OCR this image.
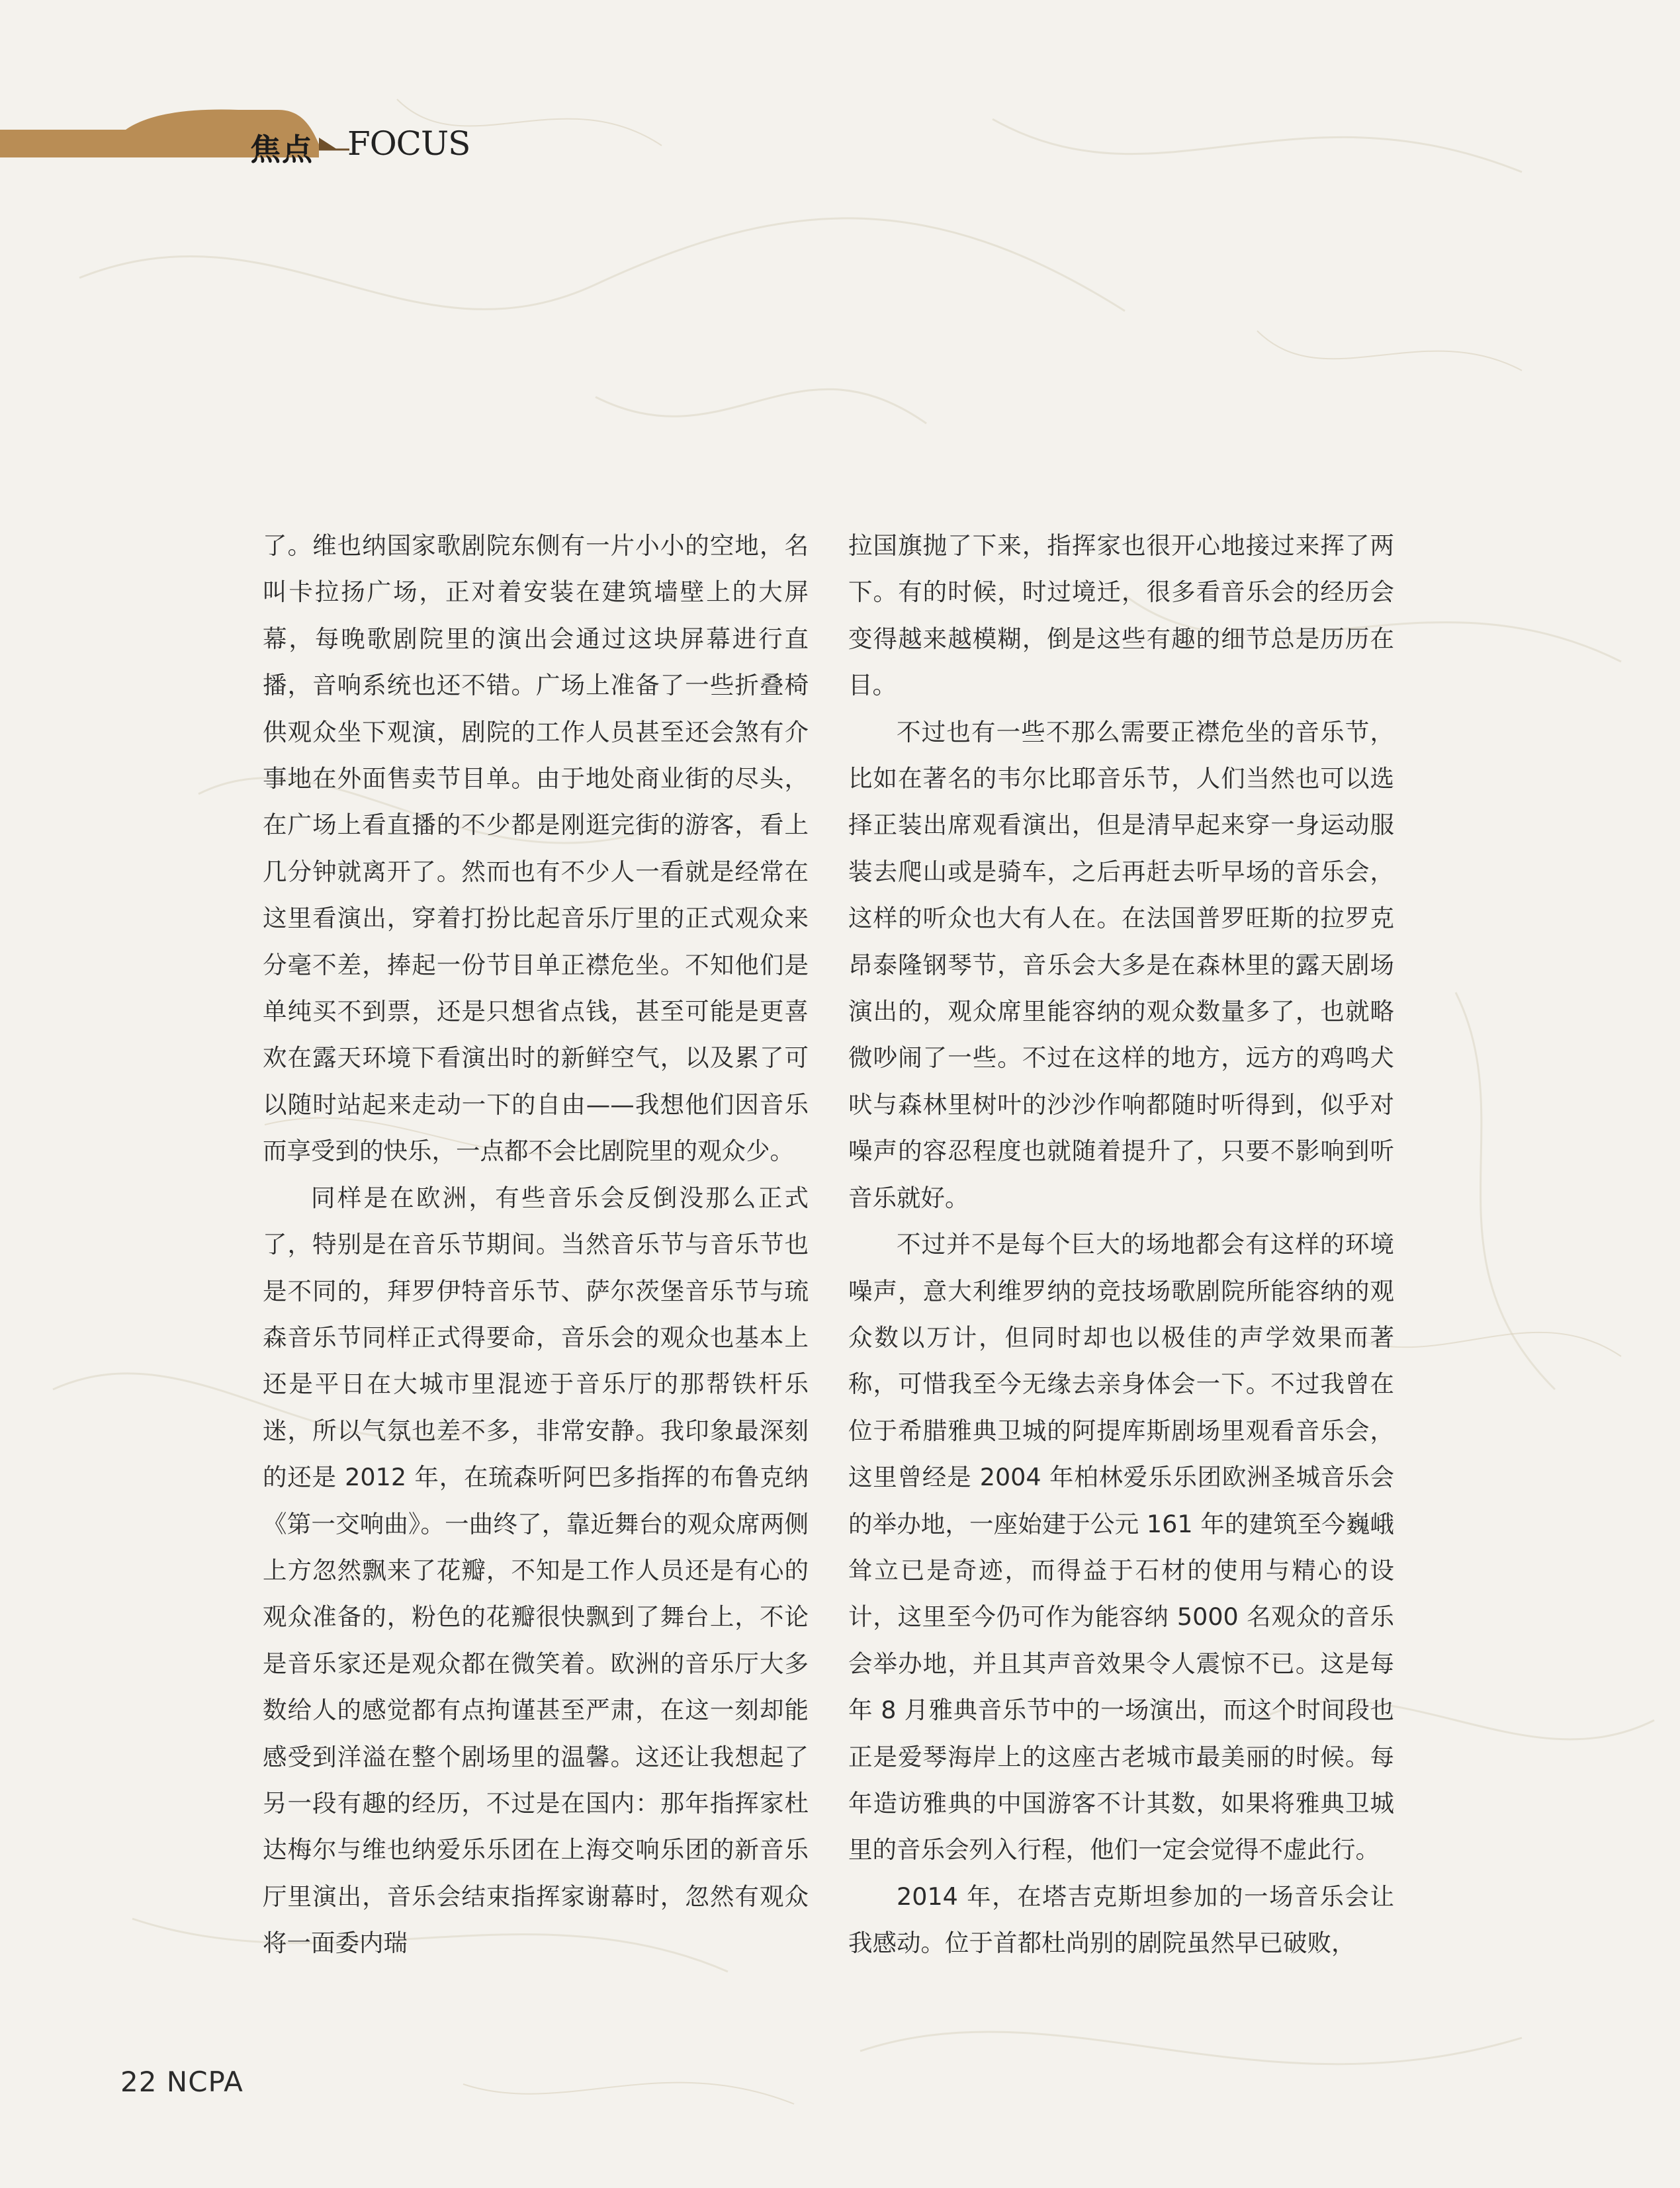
焦点 FOCUS

了。维也纳国家歌剧院东侧有一片小小的空地，名叫卡拉扬广场，正对着安装在建筑墙壁上的大屏幕，每晚歌剧院里的演出会通过这块屏幕进行直播，音响系统也还不错。广场上准备了一些折叠椅供观众坐下观演，剧院的工作人员甚至还会煞有介事地在外面售卖节目单。由于地处商业街的尽头，在广场上看直播的不少都是刚逛完街的游客，看上几分钟就离开了。然而也有不少人一看就是经常在这里看演出，穿着打扮比起音乐厅里的正式观众来分毫不差，捧起一份节目单正襟危坐。不知他们是单纯买不到票，还是只想省点钱，甚至可能是更喜欢在露天环境下看演出时的新鲜空气，以及累了可以随时站起来走动一下的自由——我想他们因音乐而享受到的快乐，一点都不会比剧院里的观众少。

同样是在欧洲，有些音乐会反倒没那么正式了，特别是在音乐节期间。当然音乐节与音乐节也是不同的，拜罗伊特音乐节、萨尔茨堡音乐节与琉森音乐节同样正式得要命，音乐会的观众也基本上还是平日在大城市里混迹于音乐厅的那帮铁杆乐迷，所以气氛也差不多，非常安静。我印象最深刻的还是 2012 年，在琉森听阿巴多指挥的布鲁克纳《第一交响曲》。一曲终了，靠近舞台的观众席两侧上方忽然飘来了花瓣，不知是工作人员还是有心的观众准备的，粉色的花瓣很快飘到了舞台上，不论是音乐家还是观众都在微笑着。欧洲的音乐厅大多数给人的感觉都有点拘谨甚至严肃，在这一刻却能感受到洋溢在整个剧场里的温馨。这还让我想起了另一段有趣的经历，不过是在国内：那年指挥家杜达梅尔与维也纳爱乐乐团在上海交响乐团的新音乐厅里演出，音乐会结束指挥家谢幕时，忽然有观众将一面委内瑞

拉国旗抛了下来，指挥家也很开心地接过来挥了两下。有的时候，时过境迁，很多看音乐会的经历会变得越来越模糊，倒是这些有趣的细节总是历历在目。

不过也有一些不那么需要正襟危坐的音乐节，比如在著名的韦尔比耶音乐节，人们当然也可以选择正装出席观看演出，但是清早起来穿一身运动服装去爬山或是骑车，之后再赶去听早场的音乐会，这样的听众也大有人在。在法国普罗旺斯的拉罗克昂泰隆钢琴节，音乐会大多是在森林里的露天剧场演出的，观众席里能容纳的观众数量多了，也就略微吵闹了一些。不过在这样的地方，远方的鸡鸣犬吠与森林里树叶的沙沙作响都随时听得到，似乎对噪声的容忍程度也就随着提升了，只要不影响到听音乐就好。

不过并不是每个巨大的场地都会有这样的环境噪声，意大利维罗纳的竞技场歌剧院所能容纳的观众数以万计，但同时却也以极佳的声学效果而著称，可惜我至今无缘去亲身体会一下。不过我曾在位于希腊雅典卫城的阿提库斯剧场里观看音乐会，这里曾经是 2004 年柏林爱乐乐团欧洲圣城音乐会的举办地，一座始建于公元 161 年的建筑至今巍峨耸立已是奇迹，而得益于石材的使用与精心的设计，这里至今仍可作为能容纳 5000 名观众的音乐会举办地，并且其声音效果令人震惊不已。这是每年 8 月雅典音乐节中的一场演出，而这个时间段也正是爱琴海岸上的这座古老城市最美丽的时候。每年造访雅典的中国游客不计其数，如果将雅典卫城里的音乐会列入行程，他们一定会觉得不虚此行。

2014 年，在塔吉克斯坦参加的一场音乐会让我感动。位于首都杜尚别的剧院虽然早已破败，

22 NCPA
